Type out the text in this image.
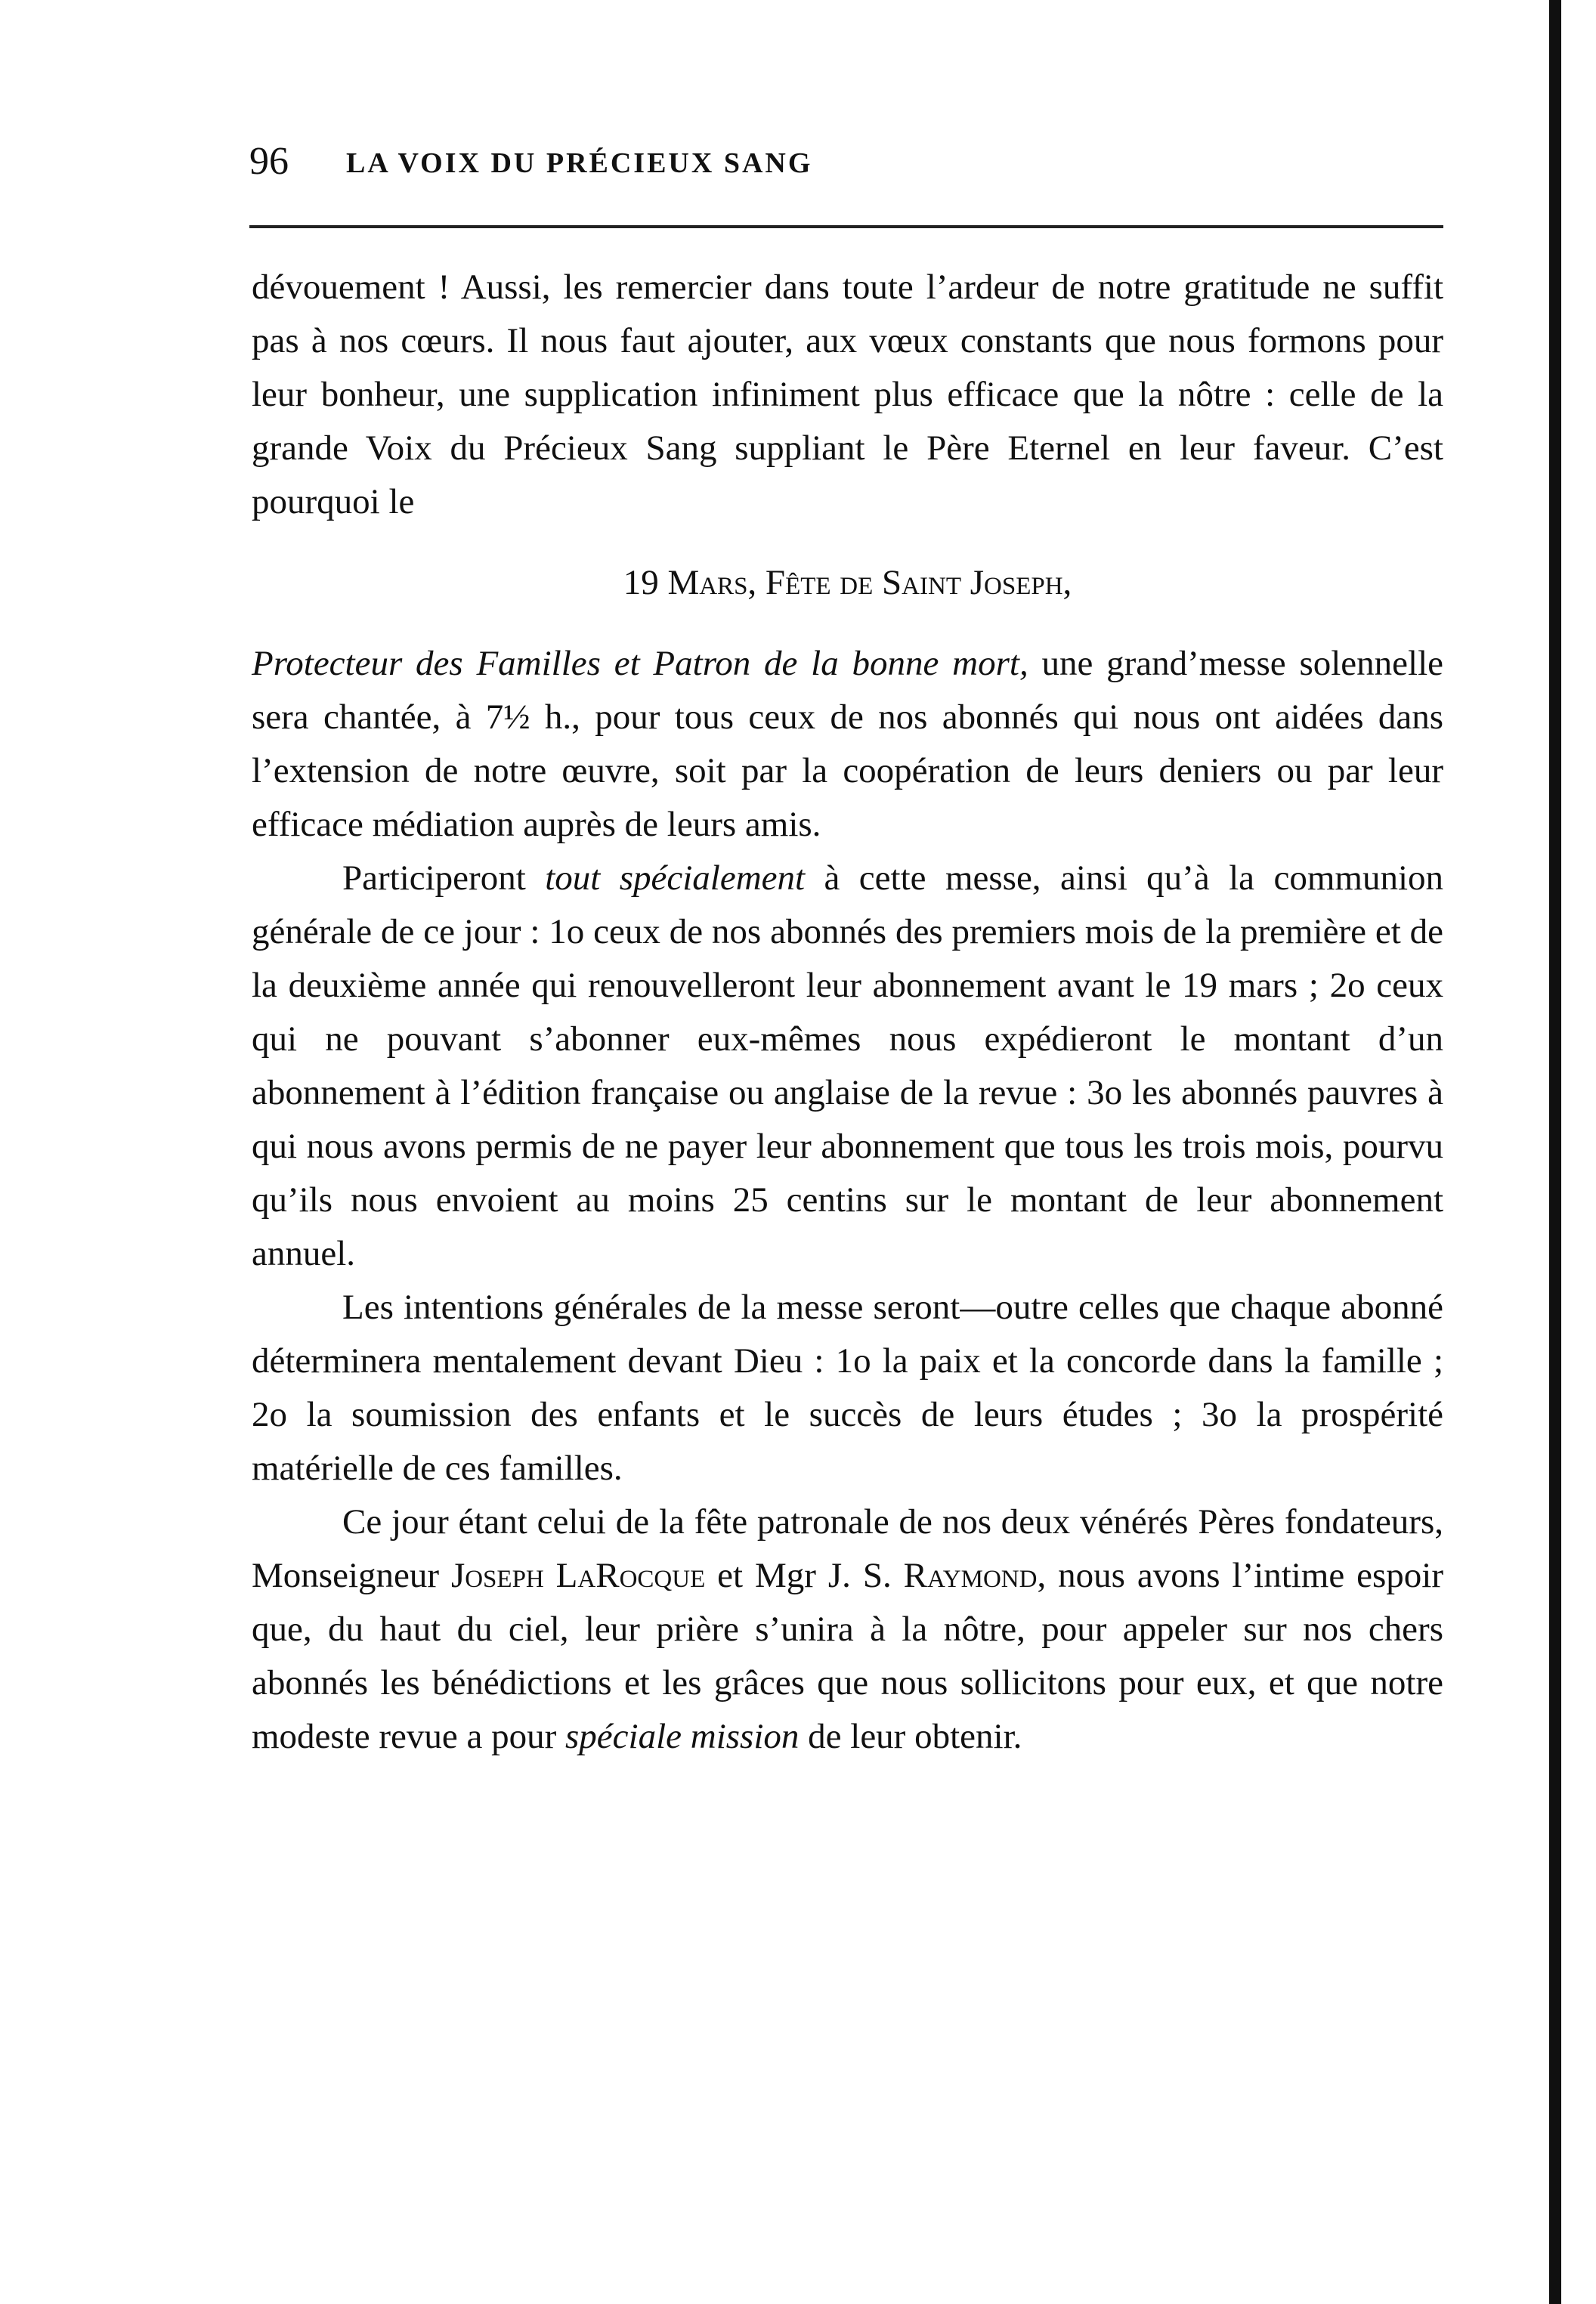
96 LA VOIX DU PRÉCIEUX SANG

dévouement ! Aussi, les remercier dans toute l’ardeur de notre gratitude ne suffit pas à nos cœurs. Il nous faut ajouter, aux vœux constants que nous formons pour leur bonheur, une supplication infiniment plus efficace que la nôtre : celle de la grande Voix du Précieux Sang suppliant le Père Eternel en leur faveur. C’est pourquoi le

19 Mars, Fête de Saint Joseph,

Protecteur des Familles et Patron de la bonne mort, une grand’messe solennelle sera chantée, à 7½ h., pour tous ceux de nos abonnés qui nous ont aidées dans l’extension de notre œuvre, soit par la coopération de leurs deniers ou par leur efficace médiation auprès de leurs amis.

Participeront tout spécialement à cette messe, ainsi qu’à la communion générale de ce jour : 1o ceux de nos abonnés des premiers mois de la première et de la deuxième année qui renouvelleront leur abonnement avant le 19 mars ; 2o ceux qui ne pouvant s’abonner eux-mêmes nous expédieront le montant d’un abonnement à l’édition française ou anglaise de la revue : 3o les abonnés pauvres à qui nous avons permis de ne payer leur abonnement que tous les trois mois, pourvu qu’ils nous envoient au moins 25 centins sur le montant de leur abonnement annuel.

Les intentions générales de la messe seront—outre celles que chaque abonné déterminera mentalement devant Dieu : 1o la paix et la concorde dans la famille ; 2o la soumission des enfants et le succès de leurs études ; 3o la prospérité matérielle de ces familles.

Ce jour étant celui de la fête patronale de nos deux vénérés Pères fondateurs, Monseigneur Joseph LaRocque et Mgr J. S. Raymond, nous avons l’intime espoir que, du haut du ciel, leur prière s’unira à la nôtre, pour appeler sur nos chers abonnés les bénédictions et les grâces que nous sollicitons pour eux, et que notre modeste revue a pour spéciale mission de leur obtenir.
